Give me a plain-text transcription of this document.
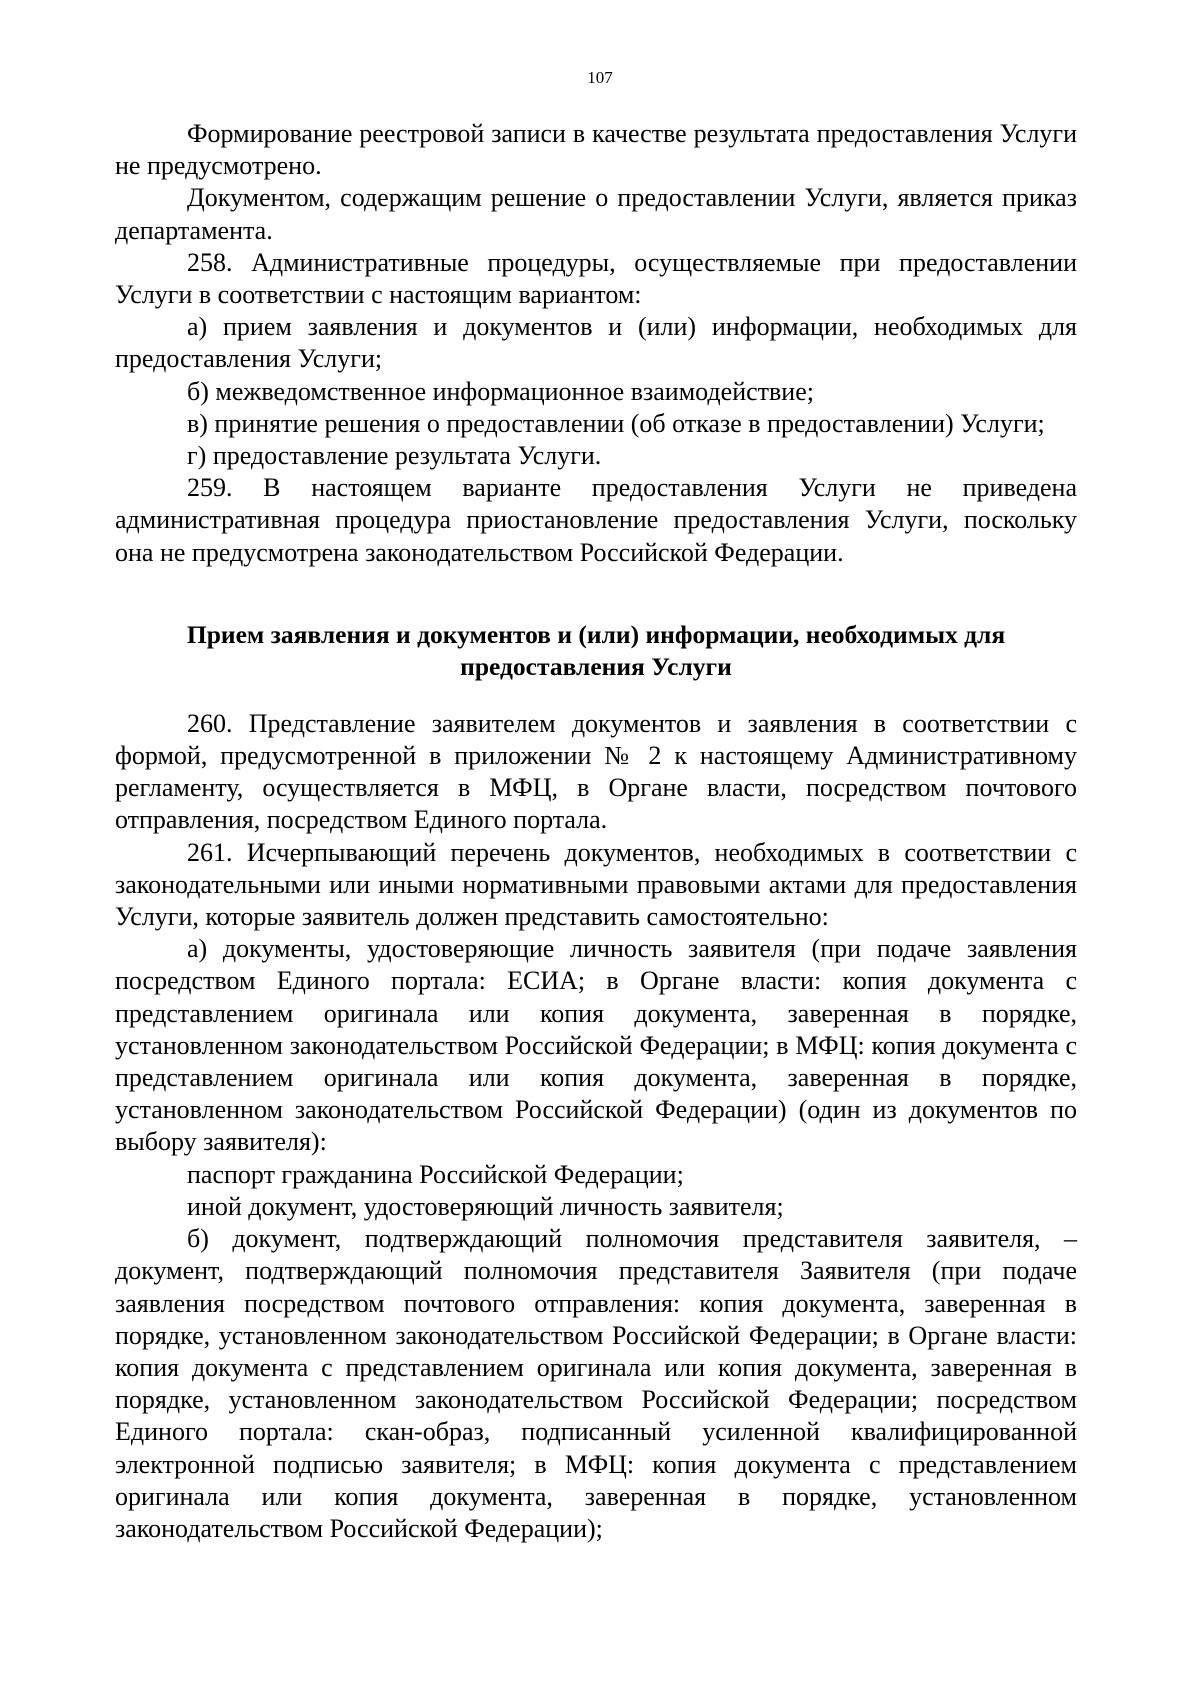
107

Формирование реестровой записи в качестве результата предоставления Услуги не предусмотрено.

Документом, содержащим решение о предоставлении Услуги, является приказ департамента.

258. Административные процедуры, осуществляемые при предоставлении Услуги в соответствии с настоящим вариантом:

а) прием заявления и документов и (или) информации, необходимых для предоставления Услуги;

б) межведомственное информационное взаимодействие;

в) принятие решения о предоставлении (об отказе в предоставлении) Услуги;

г) предоставление результата Услуги.

259. В настоящем варианте предоставления Услуги не приведена административная процедура приостановление предоставления Услуги, поскольку она не предусмотрена законодательством Российской Федерации.

Прием заявления и документов и (или) информации, необходимых для предоставления Услуги

260. Представление заявителем документов и заявления в соответствии с формой, предусмотренной в приложении № 2 к настоящему Административному регламенту, осуществляется в МФЦ, в Органе власти, посредством почтового отправления, посредством Единого портала.

261. Исчерпывающий перечень документов, необходимых в соответствии с законодательными или иными нормативными правовыми актами для предоставления Услуги, которые заявитель должен представить самостоятельно:

а) документы, удостоверяющие личность заявителя (при подаче заявления посредством Единого портала: ЕСИА; в Органе власти: копия документа с представлением оригинала или копия документа, заверенная в порядке, установленном законодательством Российской Федерации; в МФЦ: копия документа с представлением оригинала или копия документа, заверенная в порядке, установленном законодательством Российской Федерации) (один из документов по выбору заявителя):

паспорт гражданина Российской Федерации;

иной документ, удостоверяющий личность заявителя;

б) документ, подтверждающий полномочия представителя заявителя, – документ, подтверждающий полномочия представителя Заявителя (при подаче заявления посредством почтового отправления: копия документа, заверенная в порядке, установленном законодательством Российской Федерации; в Органе власти: копия документа с представлением оригинала или копия документа, заверенная в порядке, установленном законодательством Российской Федерации; посредством Единого портала: скан-образ, подписанный усиленной квалифицированной электронной подписью заявителя; в МФЦ: копия документа с представлением оригинала или копия документа, заверенная в порядке, установленном законодательством Российской Федерации);
